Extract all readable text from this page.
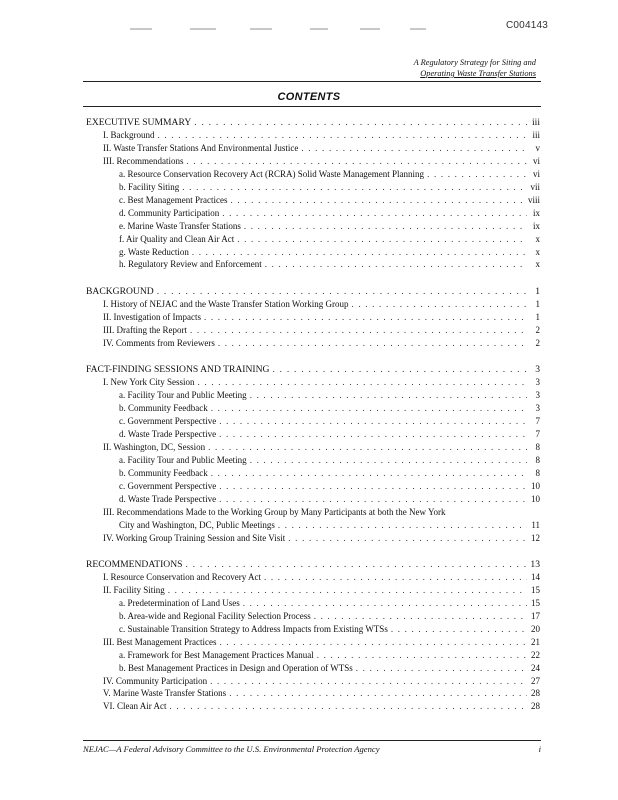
C004143
A Regulatory Strategy for Siting and
Operating Waste Transfer Stations
CONTENTS
EXECUTIVE SUMMARY . . .	iii
I. Background . . .	iii
II. Waste Transfer Stations And Environmental Justice . . .	v
III. Recommendations . . .	vi
a. Resource Conservation Recovery Act (RCRA) Solid Waste Management Planning . . .	vi
b. Facility Siting . . .	vii
c. Best Management Practices . . .	viii
d. Community Participation . . .	ix
e. Marine Waste Transfer Stations . . .	ix
f. Air Quality and Clean Air Act . . .	x
g. Waste Reduction . . .	x
h. Regulatory Review and Enforcement . . .	x
BACKGROUND . . .	1
I. History of NEJAC and the Waste Transfer Station Working Group . . .	1
II. Investigation of Impacts . . .	1
III. Drafting the Report . . .	2
IV. Comments from Reviewers . . .	2
FACT-FINDING SESSIONS AND TRAINING . . .	3
I. New York City Session . . .	3
a. Facility Tour and Public Meeting . . .	3
b. Community Feedback . . .	3
c. Government Perspective . . .	7
d. Waste Trade Perspective . . .	7
II. Washington, DC, Session . . .	8
a. Facility Tour and Public Meeting . . .	8
b. Community Feedback . . .	8
c. Government Perspective . . .	10
d. Waste Trade Perspective . . .	10
III. Recommendations Made to the Working Group by Many Participants at both the New York
City and Washington, DC, Public Meetings . . .	11
IV. Working Group Training Session and Site Visit . . .	12
RECOMMENDATIONS . . .	13
I. Resource Conservation and Recovery Act . . .	14
II. Facility Siting . . .	15
a. Predetermination of Land Uses . . .	15
b. Area-wide and Regional Facility Selection Process . . .	17
c. Sustainable Transition Strategy to Address Impacts from Existing WTSs . . .	20
III. Best Management Practices . . .	21
a. Framework for Best Management Practices Manual . . .	22
b. Best Management Practices in Design and Operation of WTSs . . .	24
IV. Community Participation . . .	27
V. Marine Waste Transfer Stations . . .	28
VI. Clean Air Act . . .	28
NEJAC—A Federal Advisory Committee to the U.S. Environmental Protection Agency	i
